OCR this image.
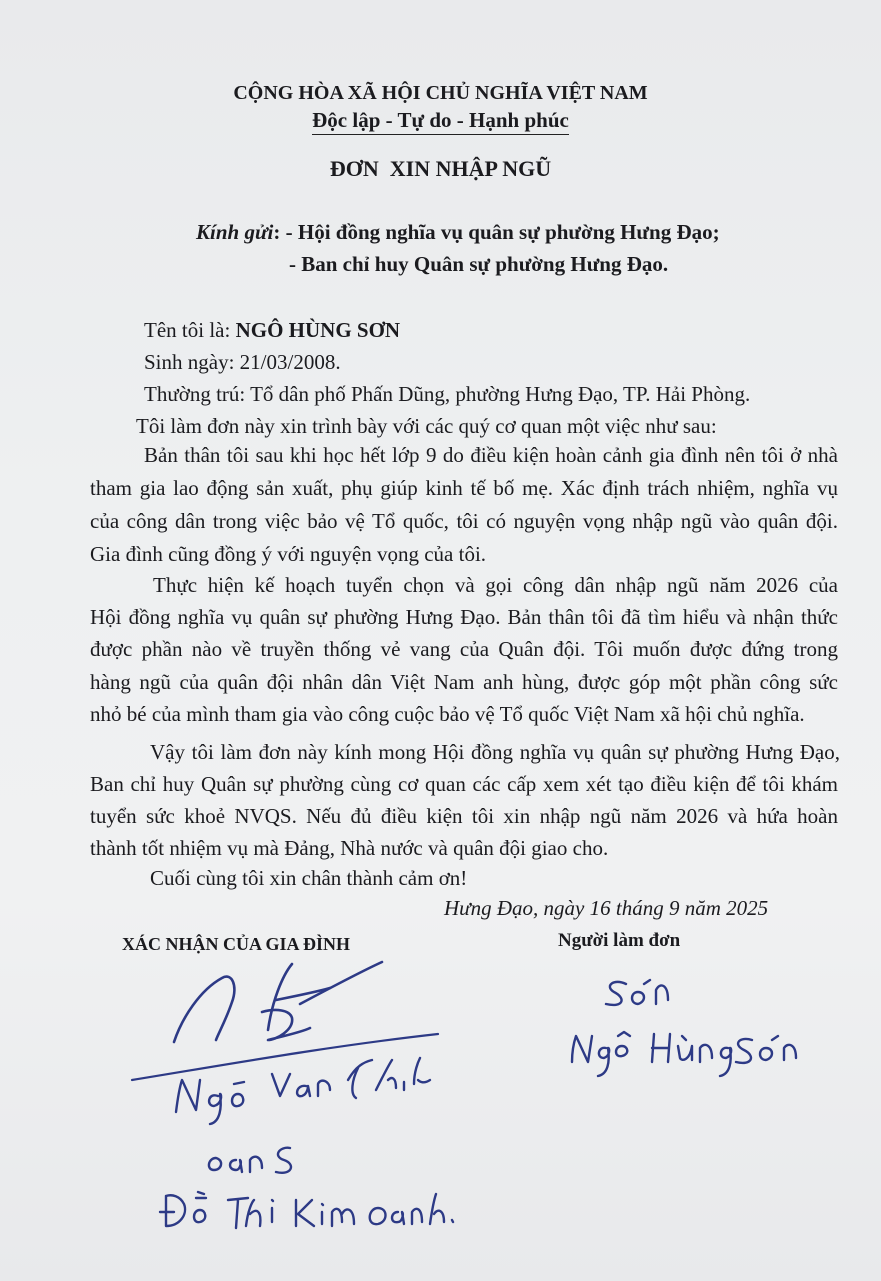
CỘNG HÒA XÃ HỘI CHỦ NGHĨA VIỆT NAM
Độc lập - Tự do - Hạnh phúc
ĐƠN  XIN NHẬP NGŨ
Kính gửi: - Hội đồng nghĩa vụ quân sự phường Hưng Đạo;
- Ban chỉ huy Quân sự phường Hưng Đạo.
Tên tôi là: NGÔ HÙNG SƠN
Sinh ngày: 21/03/2008.
Thường trú: Tổ dân phố Phấn Dũng, phường Hưng Đạo, TP. Hải Phòng.
Tôi làm đơn này xin trình bày với các quý cơ quan một việc như sau:
Bản thân tôi sau khi học hết lớp 9 do điều kiện hoàn cảnh gia đình nên tôi ở nhà
tham gia lao động sản xuất, phụ giúp kinh tế bố mẹ. Xác định trách nhiệm, nghĩa vụ
của công dân trong việc bảo vệ Tổ quốc, tôi có nguyện vọng nhập ngũ vào quân đội.
Gia đình cũng đồng ý với nguyện vọng của tôi.
Thực hiện kế hoạch tuyển chọn và gọi công dân nhập ngũ năm 2026 của
Hội đồng nghĩa vụ quân sự phường Hưng Đạo. Bản thân tôi đã tìm hiểu và nhận thức
được phần nào về truyền thống vẻ vang của Quân đội. Tôi muốn được đứng trong
hàng ngũ của quân đội nhân dân Việt Nam anh hùng, được góp một phần công sức
nhỏ bé của mình tham gia vào công cuộc bảo vệ Tổ quốc Việt Nam xã hội chủ nghĩa.
Vậy tôi làm đơn này kính mong Hội đồng nghĩa vụ quân sự phường Hưng Đạo,
Ban chỉ huy Quân sự phường cùng cơ quan các cấp xem xét tạo điều kiện để tôi khám
tuyển sức khoẻ NVQS. Nếu đủ điều kiện tôi xin nhập ngũ năm 2026 và hứa hoàn
thành tốt nhiệm vụ mà Đảng, Nhà nước và quân đội giao cho.
Cuối cùng tôi xin chân thành cảm ơn!
Hưng Đạo, ngày 16 tháng 9 năm 2025
XÁC NHẬN CỦA GIA ĐÌNH	Người làm đơn
